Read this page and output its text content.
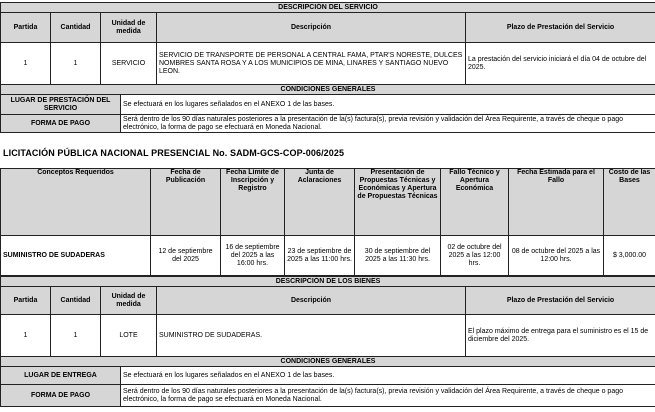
DESCRIPCIÓN DEL SERVICIO				
Partida	Cantidad	Unidad de medida	Descripción	Plazo de Prestación del Servicio
1	1	SERVICIO	SERVICIO DE TRANSPORTE DE PERSONAL A CENTRAL FAMA, PTAR'S NORESTE, DULCES NOMBRES SANTA ROSA Y A LOS MUNICIPIOS DE MINA, LINARES Y SANTIAGO NUEVO LEON.	La prestación del servicio iniciará el día 04 de octubre del 2025.
CONDICIONES GENERALES	
LUGAR DE PRESTACIÓN DEL SERVICIO	Se efectuará en los lugares señalados en el ANEXO 1 de las bases.
FORMA DE PAGO	Será dentro de los 90 días naturales posteriores a la presentación de la(s) factura(s), previa revisión y validación del Área Requirente, a través de cheque o pago electrónico, la forma de pago se efectuará en Moneda Nacional.
LICITACIÓN PÚBLICA NACIONAL PRESENCIAL No. SADM-GCS-COP-006/2025
Conceptos Requeridos	Fecha de Publicación	Fecha Límite de Inscripción y Registro	Junta de Aclaraciones	Presentación de Propuestas Técnicas y Económicas y Apertura de Propuestas Técnicas	Fallo Técnico y Apertura Económica	Fecha Estimada para el Fallo	Costo de las Bases
SUMINISTRO DE SUDADERAS	12 de septiembre del 2025	16 de septiembre del 2025 a las 16:00 hrs.	23 de septiembre de 2025 a las 11:00 hrs.	30 de septiembre del 2025 a las 11:30 hrs.	02 de octubre del 2025 a las 12:00 hrs.	08 de octubre del 2025 a las 12:00 hrs.	$ 3,000.00
DESCRIPCIÓN DE LOS BIENES				
Partida	Cantidad	Unidad de medida	Descripción	Plazo de Prestación del Servicio
1	1	LOTE	SUMINISTRO DE SUDADERAS.	El plazo máximo de entrega para el suministro es el 15 de diciembre del 2025.
CONDICIONES GENERALES	
LUGAR DE ENTREGA	Se efectuará en los lugares señalados en el ANEXO 1 de las bases.
FORMA DE PAGO	Será dentro de los 90 días naturales posteriores a la presentación de la(s) factura(s), previa revisión y validación del Área Requirente, a través de cheque o pago electrónico, la forma de pago se efectuará en Moneda Nacional.
